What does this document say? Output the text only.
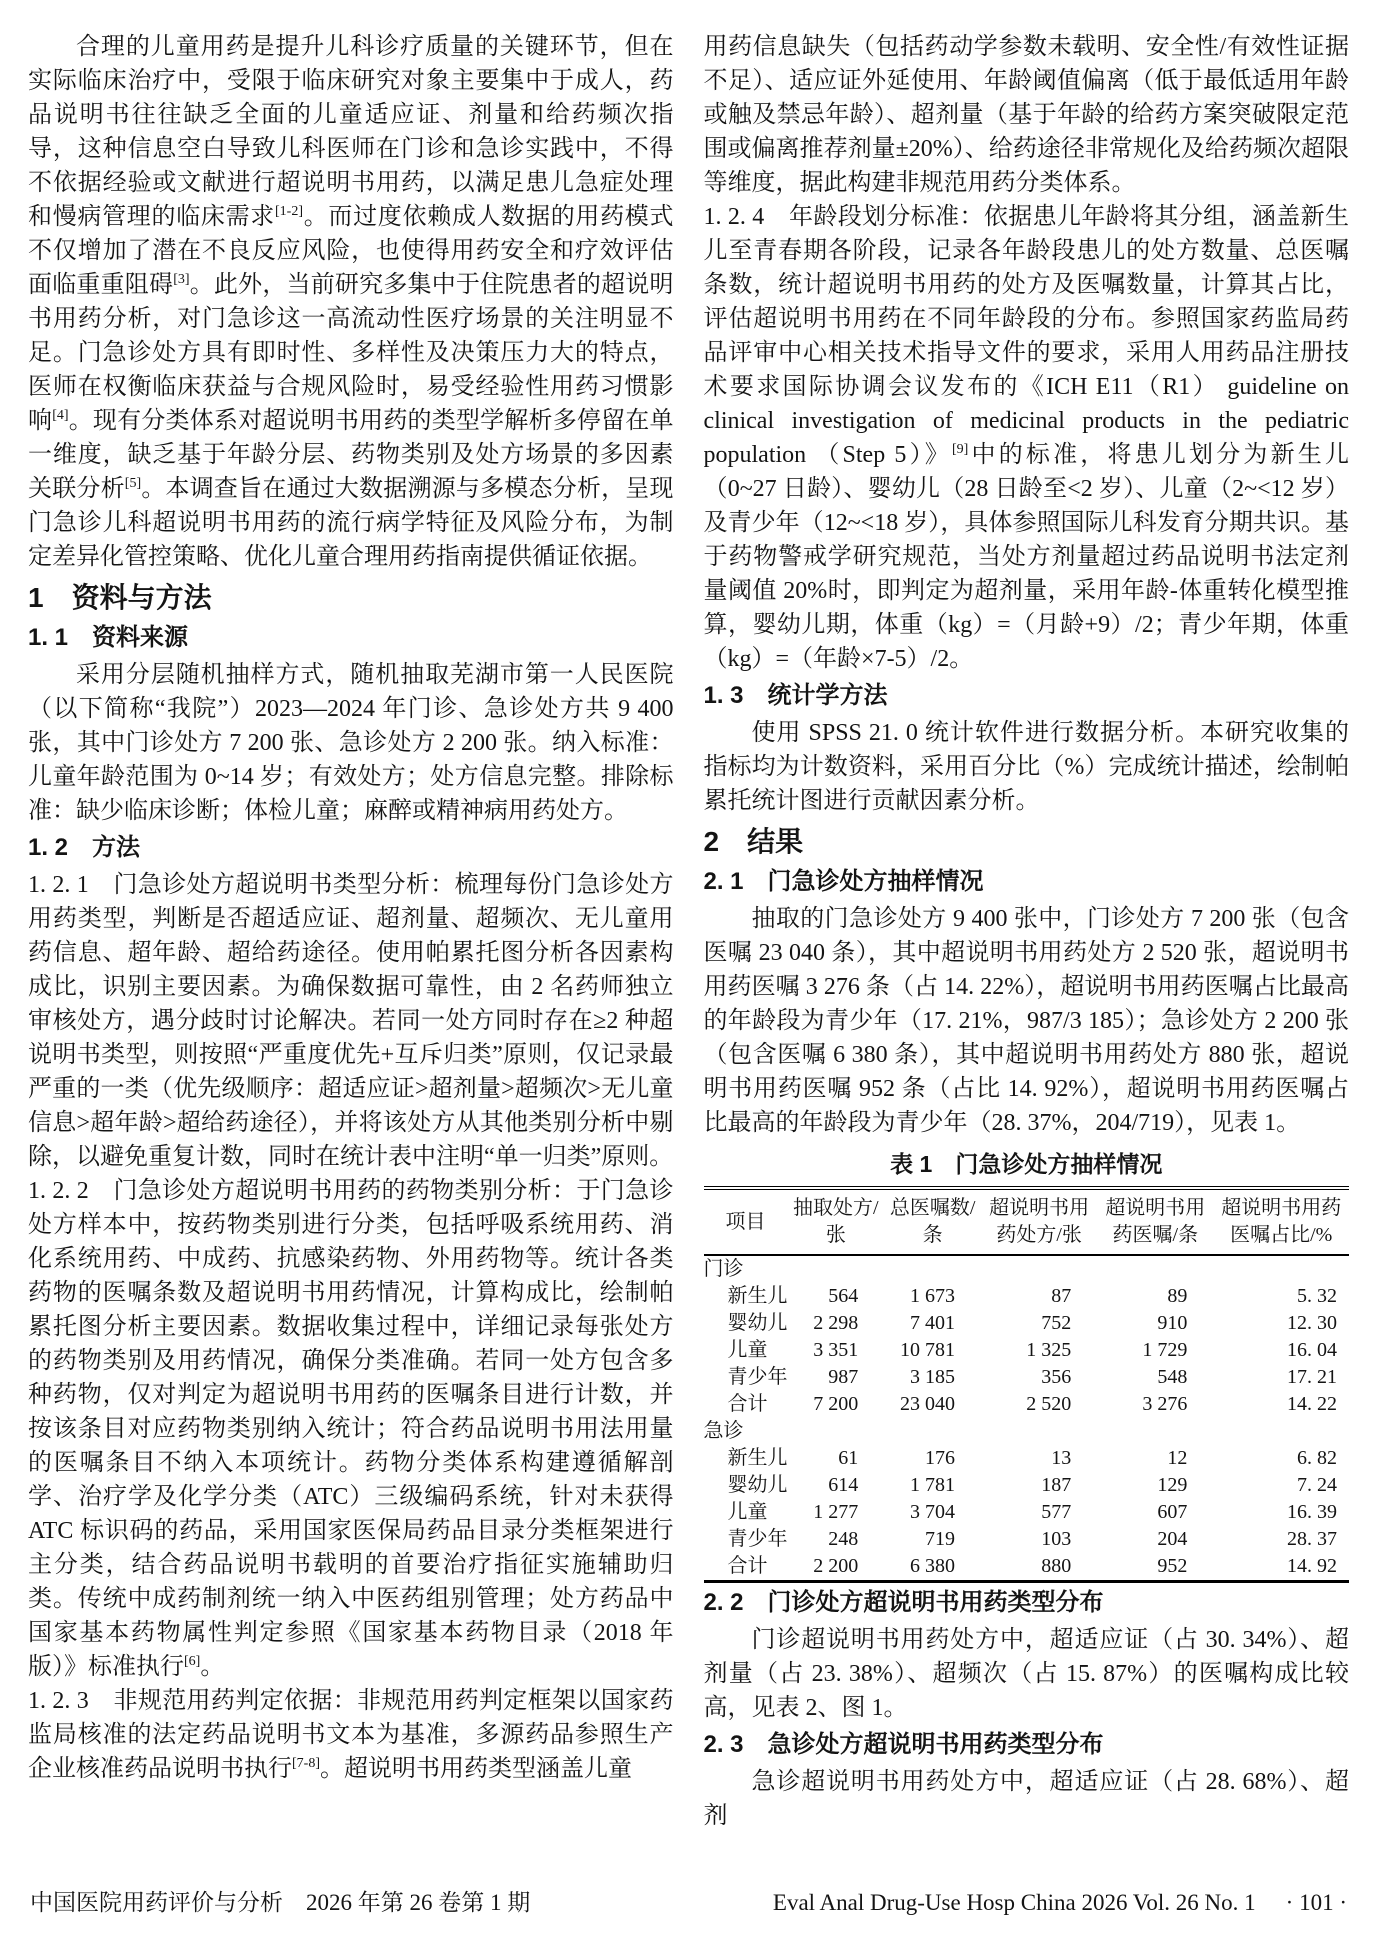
合理的儿童用药是提升儿科诊疗质量的关键环节，但在实际临床治疗中，受限于临床研究对象主要集中于成人，药品说明书往往缺乏全面的儿童适应证、剂量和给药频次指导，这种信息空白导致儿科医师在门诊和急诊实践中，不得不依据经验或文献进行超说明书用药，以满足患儿急症处理和慢病管理的临床需求[1-2]。而过度依赖成人数据的用药模式不仅增加了潜在不良反应风险，也使得用药安全和疗效评估面临重重阻碍[3]。此外，当前研究多集中于住院患者的超说明书用药分析，对门急诊这一高流动性医疗场景的关注明显不足。门急诊处方具有即时性、多样性及决策压力大的特点，医师在权衡临床获益与合规风险时，易受经验性用药习惯影响[4]。现有分类体系对超说明书用药的类型学解析多停留在单一维度，缺乏基于年龄分层、药物类别及处方场景的多因素关联分析[5]。本调查旨在通过大数据溯源与多模态分析，呈现门急诊儿科超说明书用药的流行病学特征及风险分布，为制定差异化管控策略、优化儿童合理用药指南提供循证依据。

1　资料与方法
1. 1　资料来源

采用分层随机抽样方式，随机抽取芜湖市第一人民医院（以下简称“我院”）2023—2024 年门诊、急诊处方共 9 400 张，其中门诊处方 7 200 张、急诊处方 2 200 张。纳入标准：儿童年龄范围为 0~14 岁；有效处方；处方信息完整。排除标准：缺少临床诊断；体检儿童；麻醉或精神病用药处方。

1. 2　方法

1. 2. 1　门急诊处方超说明书类型分析：梳理每份门急诊处方用药类型，判断是否超适应证、超剂量、超频次、无儿童用药信息、超年龄、超给药途径。使用帕累托图分析各因素构成比，识别主要因素。为确保数据可靠性，由 2 名药师独立审核处方，遇分歧时讨论解决。若同一处方同时存在≥2 种超说明书类型，则按照“严重度优先+互斥归类”原则，仅记录最严重的一类（优先级顺序：超适应证>超剂量>超频次>无儿童信息>超年龄>超给药途径），并将该处方从其他类别分析中剔除，以避免重复计数，同时在统计表中注明“单一归类”原则。

1. 2. 2　门急诊处方超说明书用药的药物类别分析：于门急诊处方样本中，按药物类别进行分类，包括呼吸系统用药、消化系统用药、中成药、抗感染药物、外用药物等。统计各类药物的医嘱条数及超说明书用药情况，计算构成比，绘制帕累托图分析主要因素。数据收集过程中，详细记录每张处方的药物类别及用药情况，确保分类准确。若同一处方包含多种药物，仅对判定为超说明书用药的医嘱条目进行计数，并按该条目对应药物类别纳入统计；符合药品说明书用法用量的医嘱条目不纳入本项统计。药物分类体系构建遵循解剖学、治疗学及化学分类（ATC）三级编码系统，针对未获得 ATC 标识码的药品，采用国家医保局药品目录分类框架进行主分类，结合药品说明书载明的首要治疗指征实施辅助归类。传统中成药制剂统一纳入中医药组别管理；处方药品中国家基本药物属性判定参照《国家基本药物目录（2018 年版）》标准执行[6]。

1. 2. 3　非规范用药判定依据：非规范用药判定框架以国家药监局核准的法定药品说明书文本为基准，多源药品参照生产企业核准药品说明书执行[7-8]。超说明书用药类型涵盖儿童

用药信息缺失（包括药动学参数未载明、安全性/有效性证据不足）、适应证外延使用、年龄阈值偏离（低于最低适用年龄或触及禁忌年龄）、超剂量（基于年龄的给药方案突破限定范围或偏离推荐剂量±20%）、给药途径非常规化及给药频次超限等维度，据此构建非规范用药分类体系。

1. 2. 4　年龄段划分标准：依据患儿年龄将其分组，涵盖新生儿至青春期各阶段，记录各年龄段患儿的处方数量、总医嘱条数，统计超说明书用药的处方及医嘱数量，计算其占比，评估超说明书用药在不同年龄段的分布。参照国家药监局药品评审中心相关技术指导文件的要求，采用人用药品注册技术要求国际协调会议发布的《ICH E11（R1） guideline on clinical investigation of medicinal products in the pediatric population （Step 5）》[9]中的标准，将患儿划分为新生儿（0~27 日龄）、婴幼儿（28 日龄至<2 岁）、儿童（2~<12 岁）及青少年（12~<18 岁），具体参照国际儿科发育分期共识。基于药物警戒学研究规范，当处方剂量超过药品说明书法定剂量阈值 20%时，即判定为超剂量，采用年龄-体重转化模型推算，婴幼儿期，体重（kg）=（月龄+9）/2；青少年期，体重（kg）=（年龄×7-5）/2。

1. 3　统计学方法

使用 SPSS 21. 0 统计软件进行数据分析。本研究收集的指标均为计数资料，采用百分比（%）完成统计描述，绘制帕累托统计图进行贡献因素分析。

2　结果
2. 1　门急诊处方抽样情况

抽取的门急诊处方 9 400 张中，门诊处方 7 200 张（包含医嘱 23 040 条），其中超说明书用药处方 2 520 张，超说明书用药医嘱 3 276 条（占 14. 22%），超说明书用药医嘱占比最高的年龄段为青少年（17. 21%，987/3 185）；急诊处方 2 200 张（包含医嘱 6 380 条），其中超说明书用药处方 880 张，超说明书用药医嘱 952 条（占比 14. 92%），超说明书用药医嘱占比最高的年龄段为青少年（28. 37%，204/719），见表 1。

表 1　门急诊处方抽样情况
项目	抽取处方/张	总医嘱数/条	超说明书用药处方/张	超说明书用药医嘱/条	超说明书用药医嘱占比/%
门诊					
新生儿	564	1 673	87	89	5. 32
婴幼儿	2 298	7 401	752	910	12. 30
儿童	3 351	10 781	1 325	1 729	16. 04
青少年	987	3 185	356	548	17. 21
合计	7 200	23 040	2 520	3 276	14. 22
急诊					
新生儿	61	176	13	12	6. 82
婴幼儿	614	1 781	187	129	7. 24
儿童	1 277	3 704	577	607	16. 39
青少年	248	719	103	204	28. 37
合计	2 200	6 380	880	952	14. 92
2. 2　门诊处方超说明书用药类型分布

门诊超说明书用药处方中，超适应证（占 30. 34%）、超剂量（占 23. 38%）、超频次（占 15. 87%）的医嘱构成比较高，见表 2、图 1。

2. 3　急诊处方超说明书用药类型分布

急诊超说明书用药处方中，超适应证（占 28. 68%）、超剂

中国医院用药评价与分析　2026 年第 26 卷第 1 期	Eval Anal Drug-Use Hosp China 2026 Vol. 26 No. 1 · 101 ·
